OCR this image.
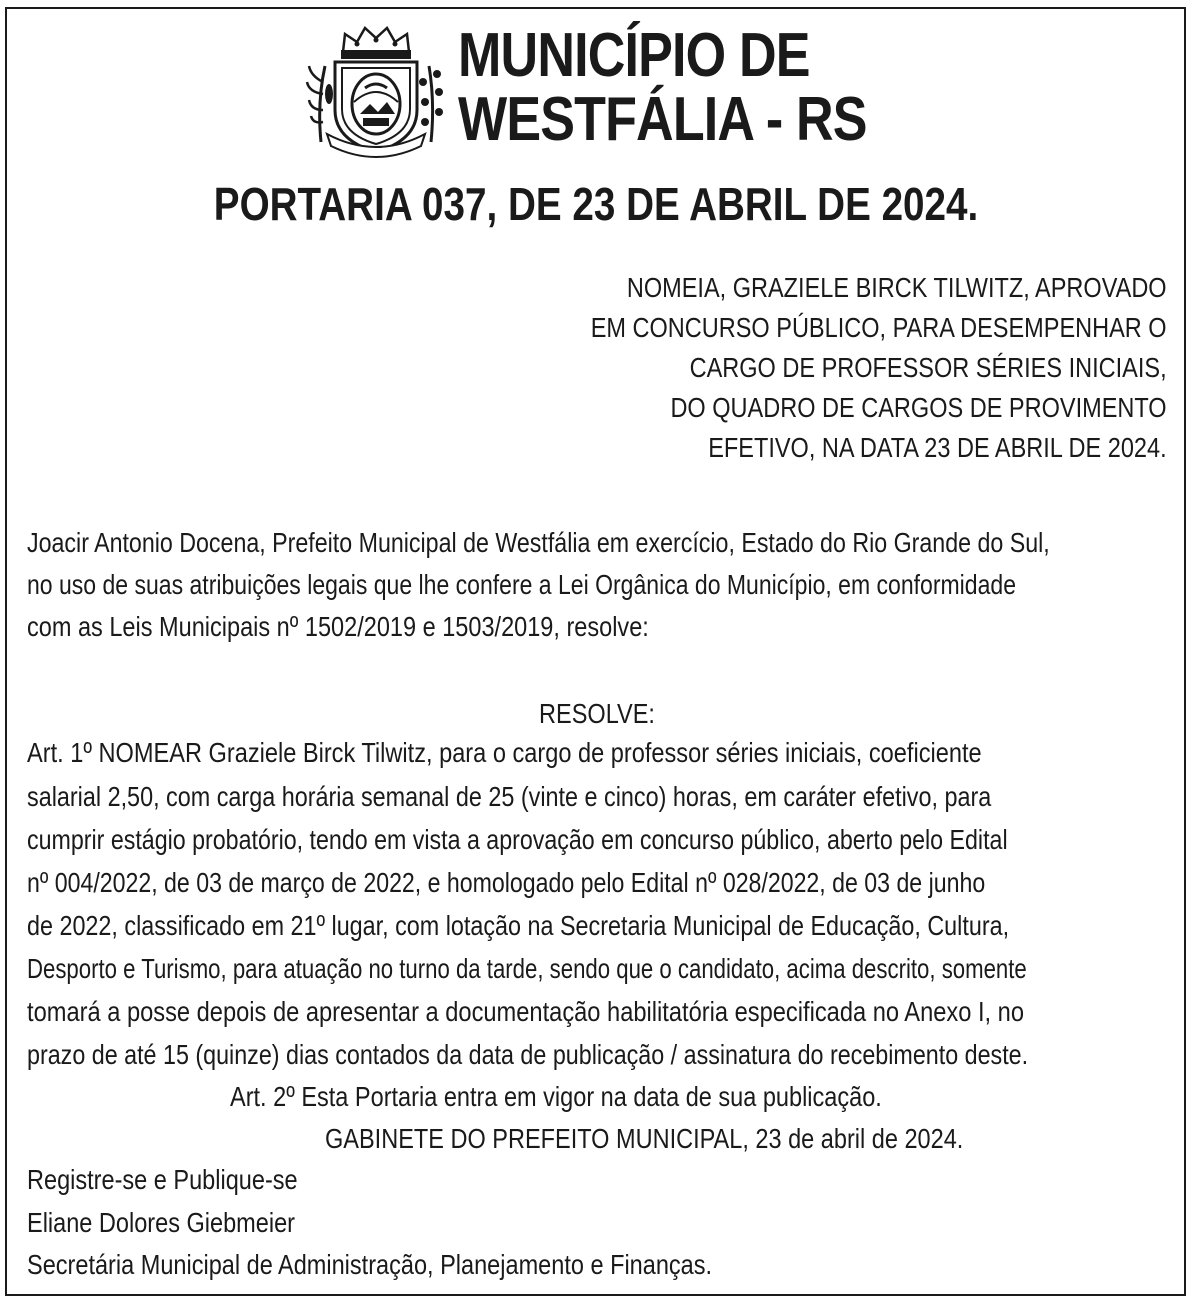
MUNICÍPIO DE
WESTFÁLIA - RS
PORTARIA 037, DE 23 DE ABRIL DE 2024.
NOMEIA, GRAZIELE BIRCK TILWITZ, APROVADO
EM CONCURSO PÚBLICO, PARA DESEMPENHAR O
CARGO DE PROFESSOR SÉRIES INICIAIS,
DO QUADRO DE CARGOS DE PROVIMENTO
EFETIVO, NA DATA 23 DE ABRIL DE 2024.
Joacir Antonio Docena, Prefeito Municipal de Westfália em exercício, Estado do Rio Grande do Sul,
no uso de suas atribuições legais que lhe confere a Lei Orgânica do Município, em conformidade
com as Leis Municipais nº 1502/2019 e 1503/2019, resolve:
RESOLVE:
Art. 1º NOMEAR Graziele Birck Tilwitz, para o cargo de professor séries iniciais, coeficiente
salarial 2,50, com carga horária semanal de 25 (vinte e cinco) horas, em caráter efetivo, para
cumprir estágio probatório, tendo em vista a aprovação em concurso público, aberto pelo Edital
nº 004/2022, de 03 de março de 2022, e homologado pelo Edital nº 028/2022, de 03 de junho
de 2022, classificado em 21º lugar, com lotação na Secretaria Municipal de Educação, Cultura,
Desporto e Turismo, para atuação no turno da tarde, sendo que o candidato, acima descrito, somente
tomará a posse depois de apresentar a documentação habilitatória especificada no Anexo I, no
prazo de até 15 (quinze) dias contados da data de publicação / assinatura do recebimento deste.
Art. 2º Esta Portaria entra em vigor na data de sua publicação.
GABINETE DO PREFEITO MUNICIPAL, 23 de abril de 2024.
Registre-se e Publique-se
Eliane Dolores Giebmeier
Secretária Municipal de Administração, Planejamento e Finanças.
